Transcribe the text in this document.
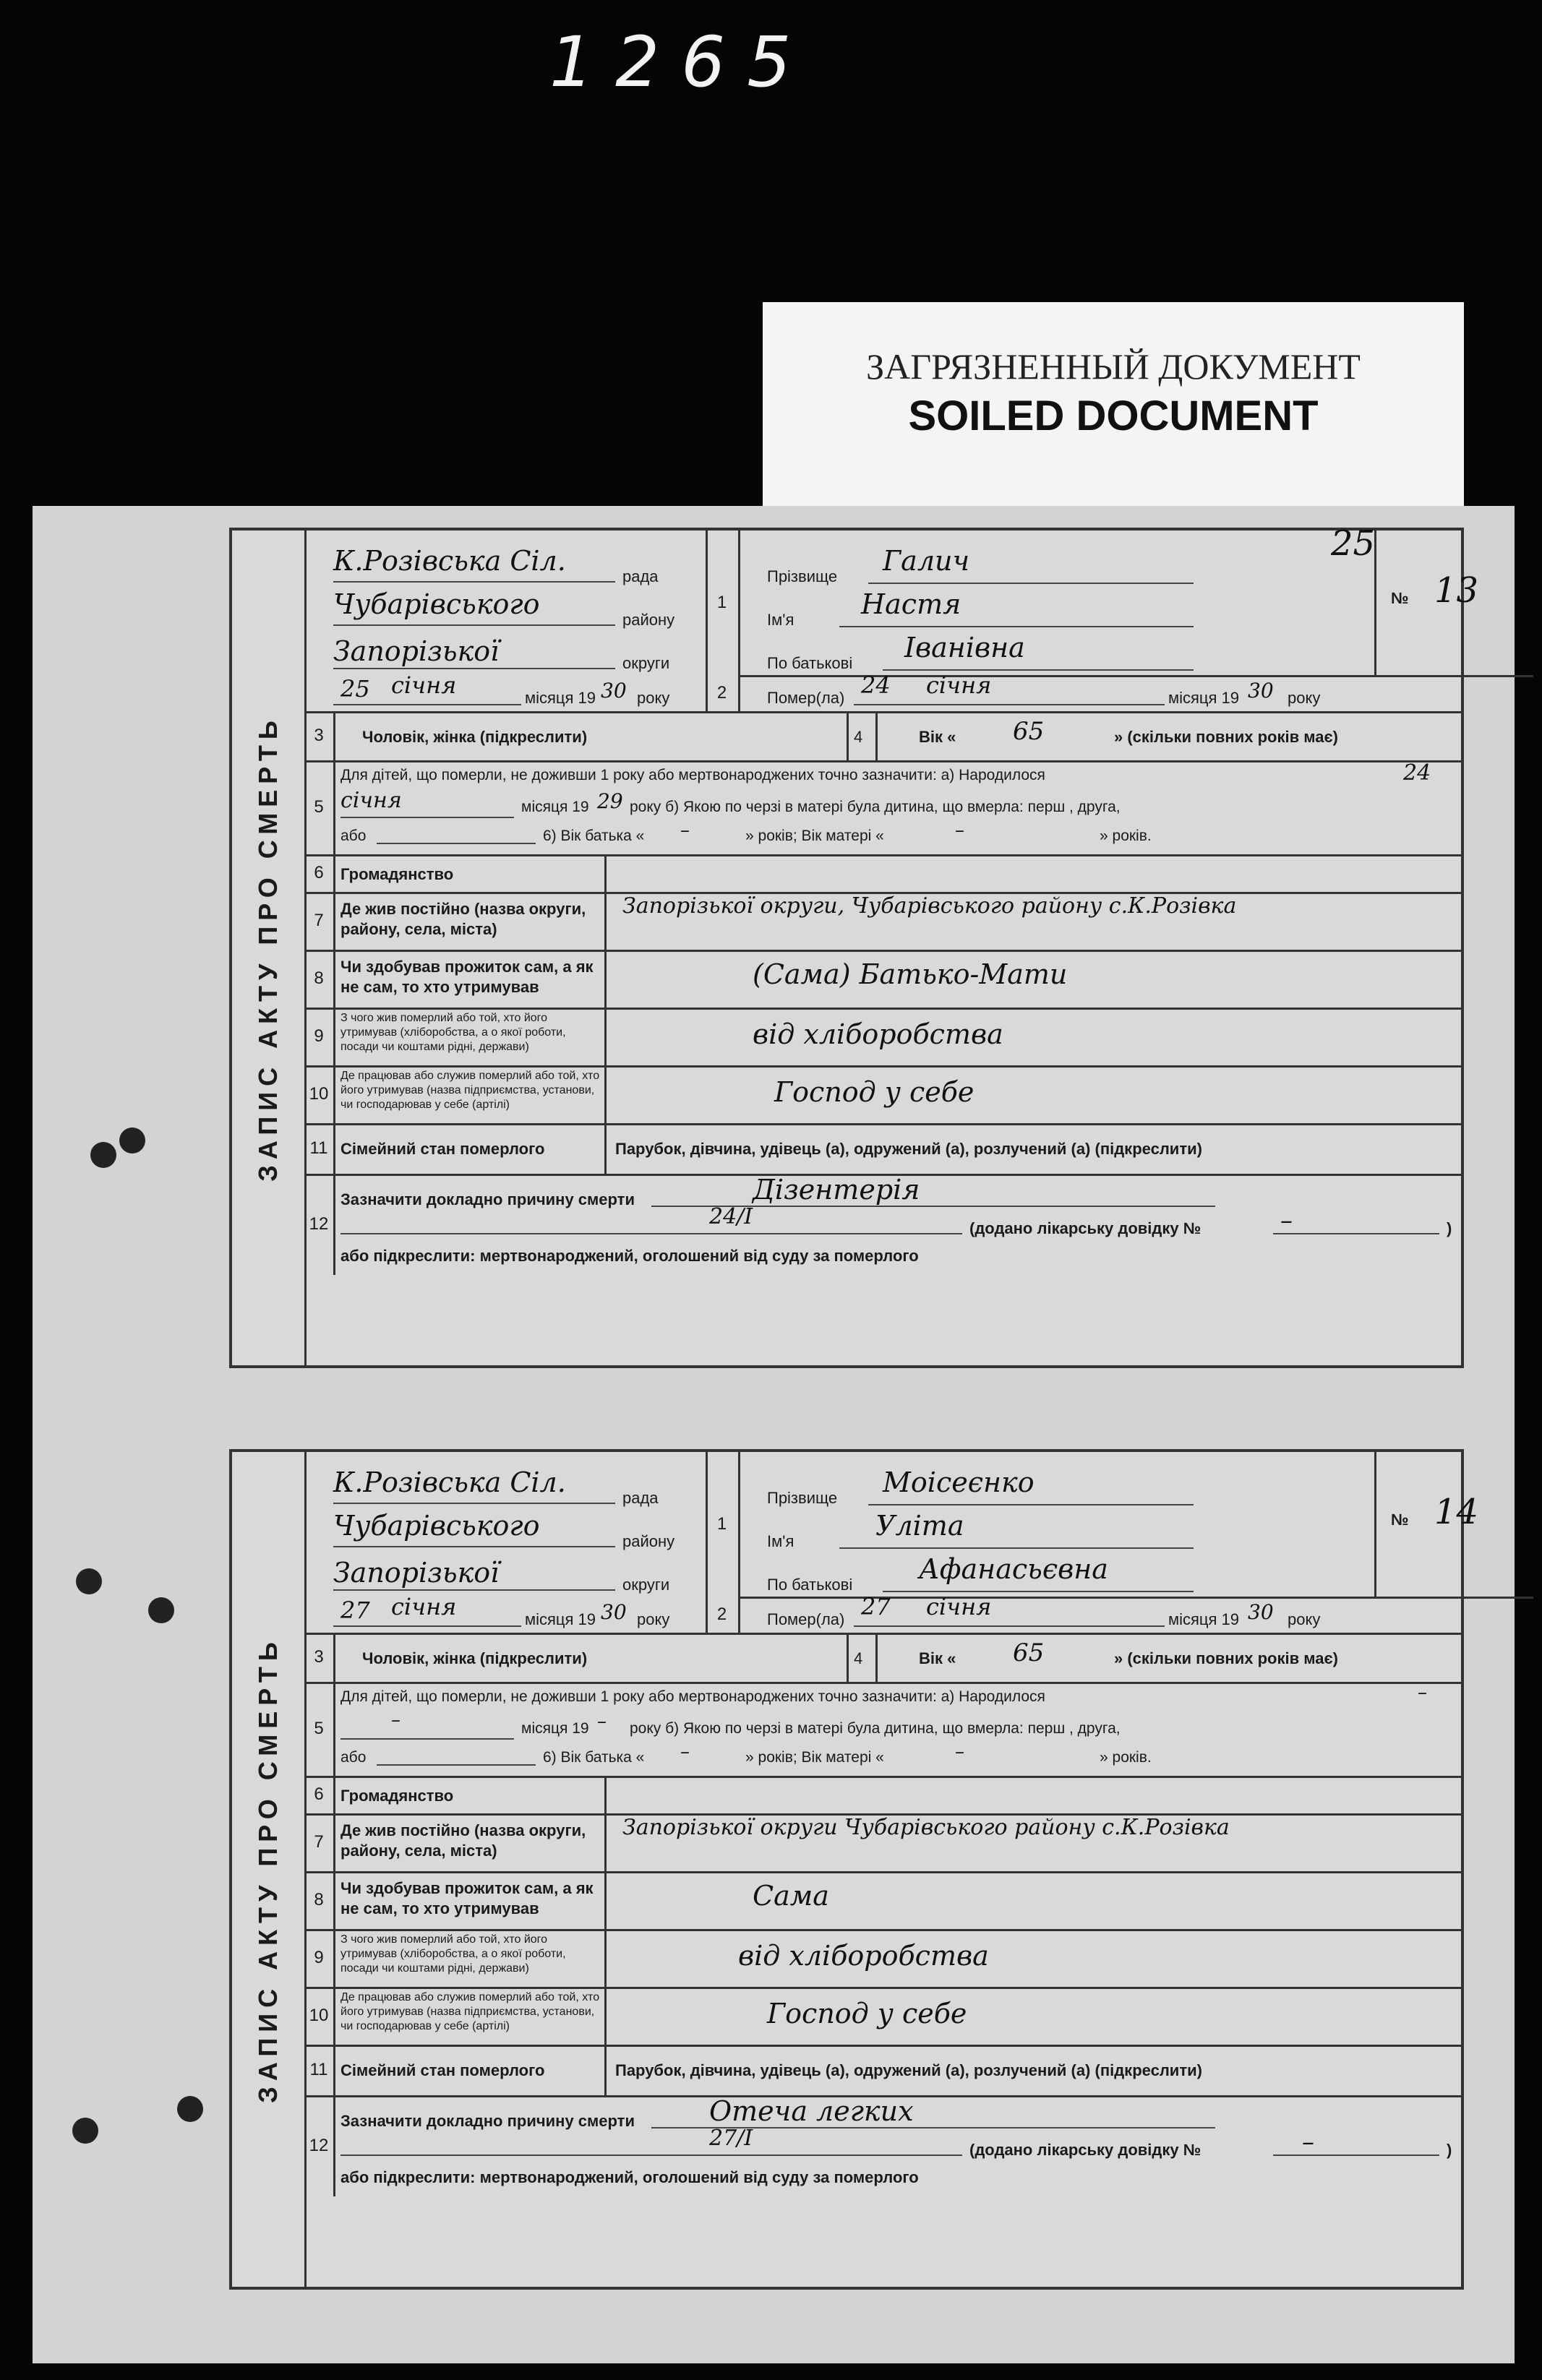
1265
ЗАГРЯЗНЕННЫЙ ДОКУМЕНТ
SOILED DOCUMENT
ЗАПИС АКТУ ПРО СМЕРТЬ
К.Розівська Сіл.	рада
Чубарівського	району
Запорізької	округи
1
Прізвище Галич
Ім'я Настя
По батькові Іванівна
25
№ 13
2
25 січня	місяця 19 30 року	Помер(ла) 24 січня	місяця 19 30 року
3	Чоловік, жінка (підкреслити)	4	Вік « 65	» (скільки повних років має)
5
Для дітей, що померли, не доживши 1 року або мертвонароджених точно зазначити: а) Народилося	24
січня	місяця 19 29 року б) Якою по черзі в матері була дитина, що вмерла: перш , друга,
або	6) Вік батька « –	» років; Вік матері «	–	» років.
6	Громадянство
7
Де жив постійно (назва округи, району, села, міста)
Запорізької округи, Чубарівського району с.К.Розівка
8
Чи здобував прожиток сам, а як не сам, то хто утримував	(Сама) Батько-Мати
9
З чого жив померлий або той, хто його утримував (хліборобства, а о якої роботи, посади чи коштами рідні, держави)	від хліборобства
10
Де працював або служив померлий або той, хто його утримував (назва підприємства, установи, чи господарював у себе (артілі)	Господ у себе
11 Сімейний стан померлого	Парубок, дівчина, удівець (а), одружений (а), розлучений (а) (підкреслити)
12
Зазначити докладно причину смерти	Дізентерія
24/I	(додано лікарську довідку №	–	)
або підкреслити: мертвонароджений, оголошений від суду за померлого
ЗАПИС АКТУ ПРО СМЕРТЬ
К.Розівська Сіл.	рада
Чубарівського	району
Запорізької	округи
1
Прізвище Моісеєнко
Ім'я	Уліта
По батькові Афанасьєвна
№ 14
2
27 січня	місяця 19 30 року	Помер(ла) 27 січня	місяця 19 30 року
3	Чоловік, жінка (підкреслити)	4	Вік « 65	» (скільки повних років має)
5
Для дітей, що померли, не доживши 1 року або мертвонароджених точно зазначити: а) Народилося	–
–	місяця 19 – року б) Якою по черзі в матері була дитина, що вмерла: перш , друга,
або	6) Вік батька « –	» років; Вік матері «	–	» років.
6	Громадянство
7
Де жив постійно (назва округи, району, села, міста)
Запорізької округи Чубарівського району с.К.Розівка
8
Чи здобував прожиток сам, а як не сам, то хто утримував	Сама
9
З чого жив померлий або той, хто його утримував (хліборобства, а о якої роботи, посади чи коштами рідні, держави)	від хліборобства
10
Де працював або служив померлий або той, хто його утримував (назва підприємства, установи, чи господарював у себе (артілі)	Господ у себе
11 Сімейний стан померлого	Парубок, дівчина, удівець (а), одружений (а), розлучений (а) (підкреслити)
12
Зазначити докладно причину смерти	Отеча легких
27/I	(додано лікарську довідку №	–	)
або підкреслити: мертвонароджений, оголошений від суду за померлого
